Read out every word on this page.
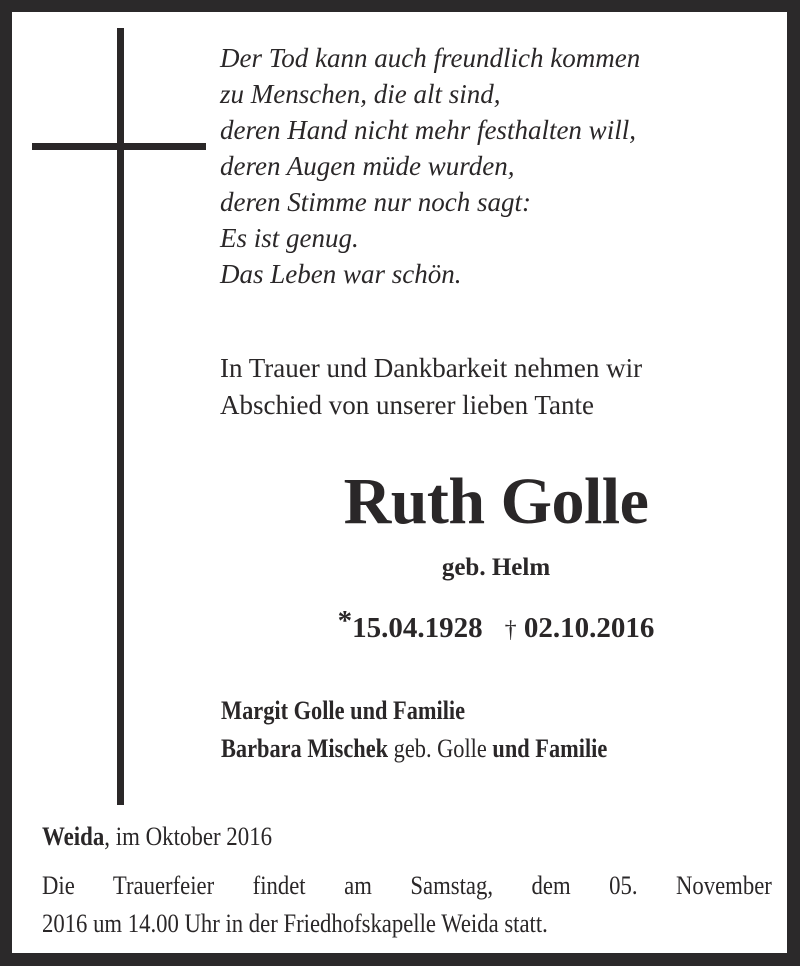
Der Tod kann auch freundlich kommen
zu Menschen, die alt sind,
deren Hand nicht mehr festhalten will,
deren Augen müde wurden,
deren Stimme nur noch sagt:
Es ist genug.
Das Leben war schön.
In Trauer und Dankbarkeit nehmen wir
Abschied von unserer lieben Tante
Ruth Golle
geb. Helm
*15.04.1928 † 02.10.2016
Margit Golle und Familie
Barbara Mischek geb. Golle und Familie
Weida, im Oktober 2016
Die Trauerfeier findet am Samstag, dem 05. November
2016 um 14.00 Uhr in der Friedhofskapelle Weida statt.
